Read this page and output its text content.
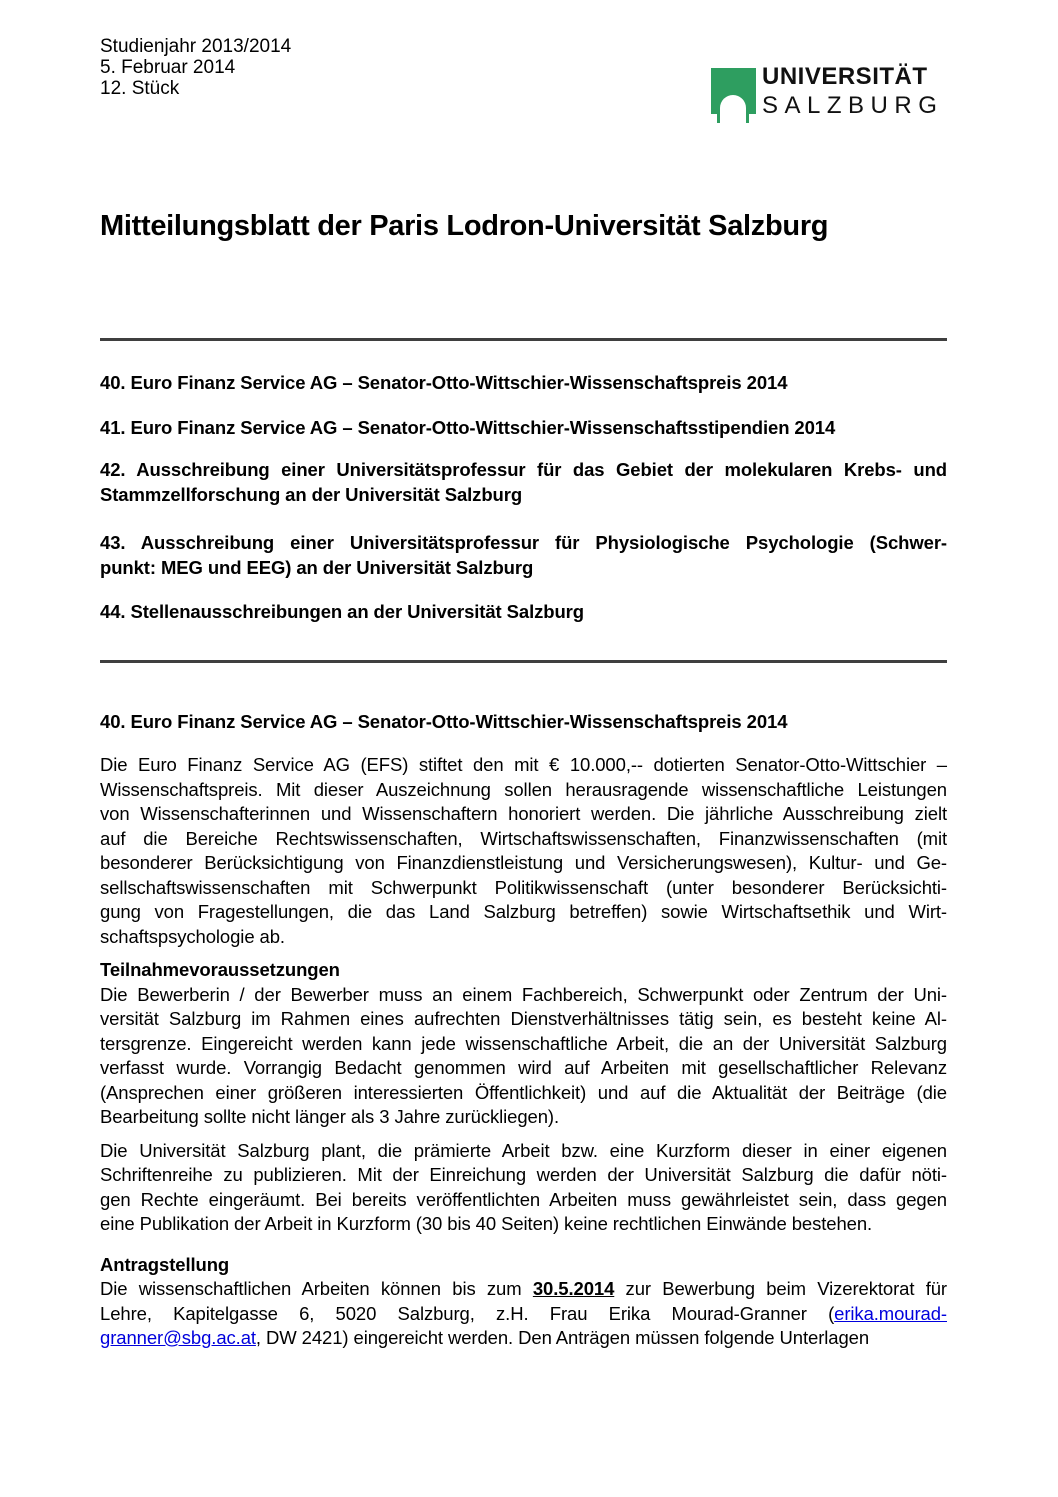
Studienjahr 2013/2014
5. Februar 2014
12. Stück	UNIVERSITÄT
SALZBURG
Mitteilungsblatt der Paris Lodron-Universität Salzburg
40. Euro Finanz Service AG – Senator-Otto-Wittschier-Wissenschaftspreis 2014
41. Euro Finanz Service AG – Senator-Otto-Wittschier-Wissenschaftsstipendien 2014
42. Ausschreibung einer Universitätsprofessur für das Gebiet der molekularen Krebs- und
Stammzellforschung an der Universität Salzburg
43. Ausschreibung einer Universitätsprofessur für Physiologische Psychologie (Schwer-
punkt: MEG und EEG) an der Universität Salzburg
44. Stellenausschreibungen an der Universität Salzburg
40. Euro Finanz Service AG – Senator-Otto-Wittschier-Wissenschaftspreis 2014
Die Euro Finanz Service AG (EFS) stiftet den mit € 10.000,-- dotierten Senator-Otto-Wittschier –
Wissenschaftspreis. Mit dieser Auszeichnung sollen herausragende wissenschaftliche Leistungen
von Wissenschafterinnen und Wissenschaftern honoriert werden. Die jährliche Ausschreibung zielt
auf die Bereiche Rechtswissenschaften, Wirtschaftswissenschaften, Finanzwissenschaften (mit
besonderer Berücksichtigung von Finanzdienstleistung und Versicherungswesen), Kultur- und Ge-
sellschaftswissenschaften mit Schwerpunkt Politikwissenschaft (unter besonderer Berücksichti-
gung von Fragestellungen, die das Land Salzburg betreffen) sowie Wirtschaftsethik und Wirt-
schaftspsychologie ab.
Teilnahmevoraussetzungen
Die Bewerberin / der Bewerber muss an einem Fachbereich, Schwerpunkt oder Zentrum der Uni-
versität Salzburg im Rahmen eines aufrechten Dienstverhältnisses tätig sein, es besteht keine Al-
tersgrenze. Eingereicht werden kann jede wissenschaftliche Arbeit, die an der Universität Salzburg
verfasst wurde. Vorrangig Bedacht genommen wird auf Arbeiten mit gesellschaftlicher Relevanz
(Ansprechen einer größeren interessierten Öffentlichkeit) und auf die Aktualität der Beiträge (die
Bearbeitung sollte nicht länger als 3 Jahre zurückliegen).
Die Universität Salzburg plant, die prämierte Arbeit bzw. eine Kurzform dieser in einer eigenen
Schriftenreihe zu publizieren. Mit der Einreichung werden der Universität Salzburg die dafür nöti-
gen Rechte eingeräumt. Bei bereits veröffentlichten Arbeiten muss gewährleistet sein, dass gegen
eine Publikation der Arbeit in Kurzform (30 bis 40 Seiten) keine rechtlichen Einwände bestehen.
Antragstellung
Die wissenschaftlichen Arbeiten können bis zum 30.5.2014 zur Bewerbung beim Vizerektorat für
Lehre, Kapitelgasse 6, 5020 Salzburg, z.H. Frau Erika Mourad-Granner (erika.mourad-
granner@sbg.ac.at, DW 2421) eingereicht werden. Den Anträgen müssen folgende Unterlagen
